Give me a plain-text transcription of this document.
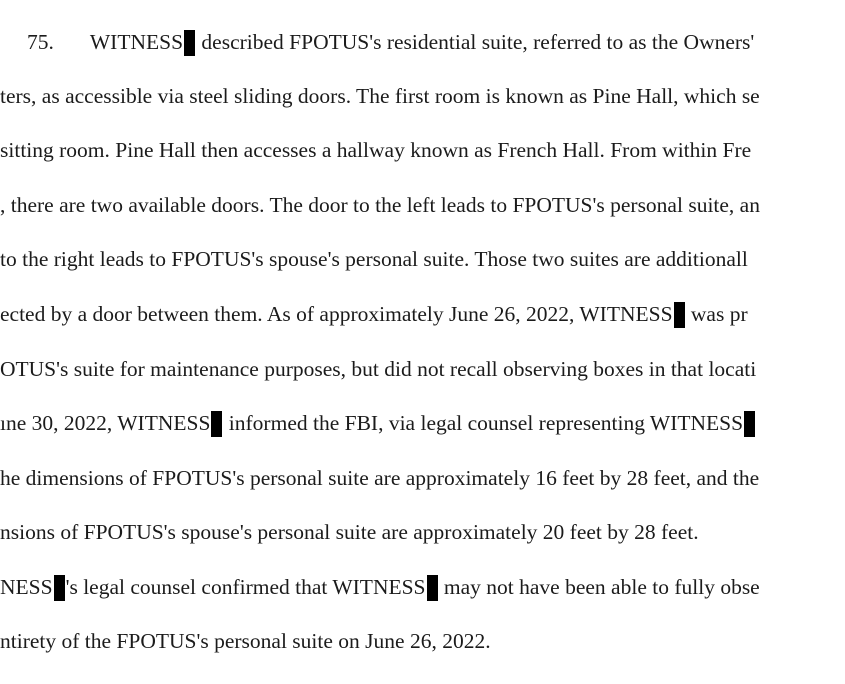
75. WITNESS described FPOTUS's residential suite, referred to as the Owners'
ters, as accessible via steel sliding doors. The first room is known as Pine Hall, which se
sitting room. Pine Hall then accesses a hallway known as French Hall. From within Fre
, there are two available doors. The door to the left leads to FPOTUS's personal suite, an
to the right leads to FPOTUS's spouse's personal suite. Those two suites are additionall
ected by a door between them. As of approximately June 26, 2022, WITNESS was pr
OTUS's suite for maintenance purposes, but did not recall observing boxes in that locati
ıne 30, 2022, WITNESS informed the FBI, via legal counsel representing WITNESS
he dimensions of FPOTUS's personal suite are approximately 16 feet by 28 feet, and the
nsions of FPOTUS's spouse's personal suite are approximately 20 feet by 28 feet.
NESS 's legal counsel confirmed that WITNESS may not have been able to fully obse
ntirety of the FPOTUS's personal suite on June 26, 2022.
